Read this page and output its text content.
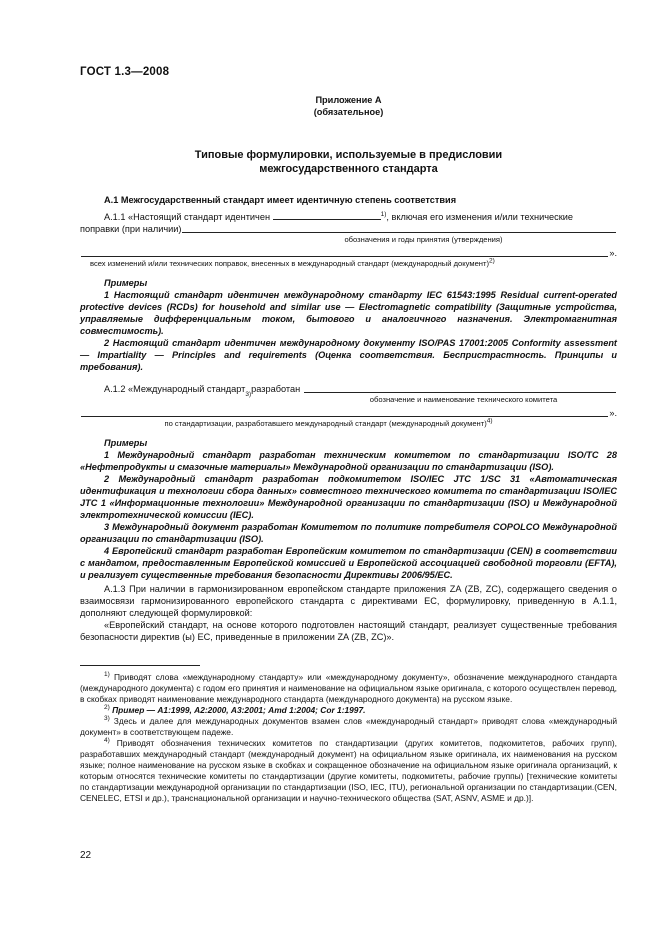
ГОСТ 1.3—2008
Приложение А
(обязательное)
Типовые формулировки, используемые в предисловии
межгосударственного стандарта

А.1 Межгосударственный стандарт имеет идентичную степень соответствия

А.1.1 «Настоящий стандарт идентичен	$^{1)}$, включая его изменения и/или технические

поправки (при наличии)
обозначения и годы принятия (утверждения)
».
всех изменений и/или технических поправок, внесенных в международный стандарт (международный документ)$^{2)}$

Примеры

1 Настоящий стандарт идентичен международному стандарту IEC 61543:1995 Residual current-operated protective devices (RCDs) for household and similar use — Electromagnetic compatibility (Защитные устройства, управляемые дифференциальным током, бытового и аналогичного назначения. Электромагнитная совместимость).

2 Настоящий стандарт идентичен международному документу ISO/PAS 17001:2005 Conformity assessment — Impartiality — Principles and requirements (Оценка соответствия. Беспристрастность. Принципы и требования).

А.1.2 «Международный стандарт
3)
разработан
обозначение и наименование технического комитета
».
по стандартизации, разработавшего международный стандарт (международный документ)$^{4)}$

Примеры

1 Международный стандарт разработан техническим комитетом по стандартизации ISO/TC 28 «Нефтепродукты и смазочные материалы» Международной организации по стандартизации (ISO).

2 Международный стандарт разработан подкомитетом ISO/IEC JTC 1/SC 31 «Автоматическая идентификация и технологии сбора данных» совместного технического комитета по стандартизации ISO/IEC JTC 1 «Информационные технологии» Международной организации по стандартизации (ISO) и Международной электротехнической комиссии (IEC).

3 Международный документ разработан Комитетом по политике потребителя COPOLCO Международной организации по стандартизации (ISO).

4 Европейский стандарт разработан Европейским комитетом по стандартизации (CEN) в соответствии с мандатом, предоставленным Европейской комиссией и Европейской ассоциацией свободной торговли (EFTA), и реализует существенные требования безопасности Директивы 2006/95/EC.

А.1.3 При наличии в гармонизированном европейском стандарте приложения ZA (ZB, ZC), содержащего сведения о взаимосвязи гармонизированного европейского стандарта с директивами ЕС, формулировку, приведенную в А.1.1, дополняют следующей формулировкой:

«Европейский стандарт, на основе которого подготовлен настоящий стандарт, реализует существенные требования безопасности директив (ы) ЕС, приведенные в приложении ZA (ZB, ZC)».

$^{1)}$ Приводят слова «международному стандарту» или «международному документу», обозначение международного стандарта (международного документа) с годом его принятия и наименование на официальном языке оригинала, с которого осуществлен перевод, в скобках приводят наименование международного стандарта (международного документа) на русском языке.

$^{2)}$ Пример — А1:1999, А2:2000, А3:2001; Amd 1:2004; Cor 1:1997.

$^{3)}$ Здесь и далее для международных документов взамен слов «международный стандарт» приводят слова «международный документ» в соответствующем падеже.

$^{4)}$ Приводят обозначения технических комитетов по стандартизации (других комитетов, подкомитетов, рабочих групп), разработавших международный стандарт (международный документ) на официальном языке оригинала, их наименования на русском языке; полное наименование на русском языке в скобках и сокращенное обозначение на официальном языке оригинала организаций, к которым относятся технические комитеты по стандартизации (другие комитеты, подкомитеты, рабочие группы) [технические комитеты по стандартизации международной организации по стандартизации (ISO, IEC, ITU), региональной организации по стандартизации.(CEN, CENELEC, ETSI и др.), транснациональной организации и научно-технического общества (SAT, ASNV, ASME и др.)].

22
